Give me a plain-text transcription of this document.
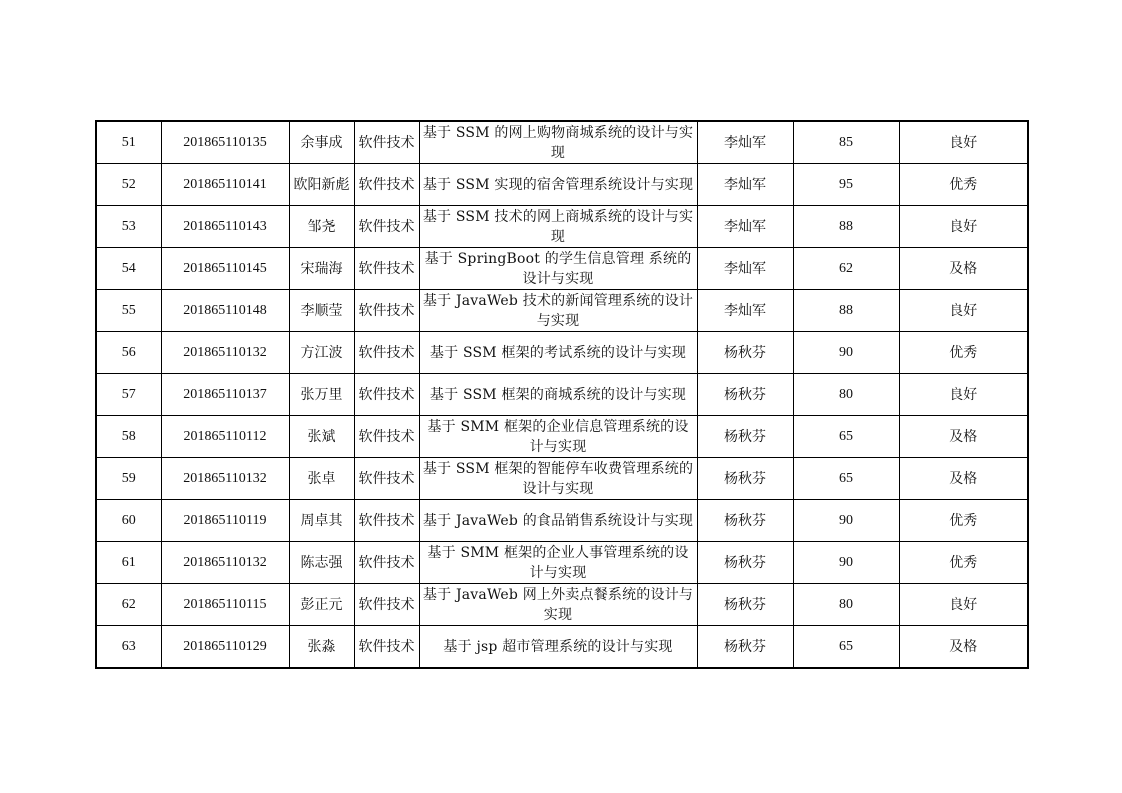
51	201865110135	余事成	软件技术	基于 SSM 的网上购物商城系统的设计与实现	李灿军	85	良好
52	201865110141	欧阳新彪	软件技术	基于 SSM 实现的宿舍管理系统设计与实现	李灿军	95	优秀
53	201865110143	邹尧	软件技术	基于 SSM 技术的网上商城系统的设计与实现	李灿军	88	良好
54	201865110145	宋瑞海	软件技术	基于 SpringBoot 的学生信息管理 系统的设计与实现	李灿军	62	及格
55	201865110148	李顺莹	软件技术	基于 JavaWeb 技术的新闻管理系统的设计与实现	李灿军	88	良好
56	201865110132	方江波	软件技术	基于 SSM 框架的考试系统的设计与实现	杨秋芬	90	优秀
57	201865110137	张万里	软件技术	基于 SSM 框架的商城系统的设计与实现	杨秋芬	80	良好
58	201865110112	张斌	软件技术	基于 SMM 框架的企业信息管理系统的设计与实现	杨秋芬	65	及格
59	201865110132	张卓	软件技术	基于 SSM 框架的智能停车收费管理系统的设计与实现	杨秋芬	65	及格
60	201865110119	周卓其	软件技术	基于 JavaWeb 的食品销售系统设计与实现	杨秋芬	90	优秀
61	201865110132	陈志强	软件技术	基于 SMM 框架的企业人事管理系统的设计与实现	杨秋芬	90	优秀
62	201865110115	彭正元	软件技术	基于 JavaWeb 网上外卖点餐系统的设计与实现	杨秋芬	80	良好
63	201865110129	张淼	软件技术	基于 jsp 超市管理系统的设计与实现	杨秋芬	65	及格
